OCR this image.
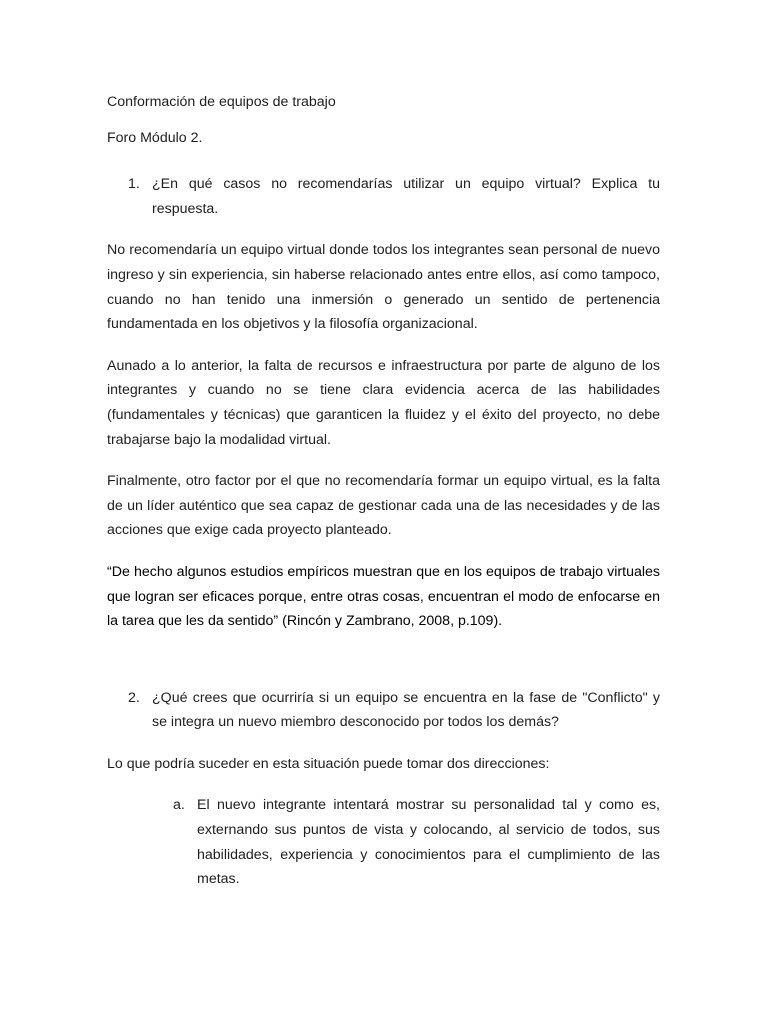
Conformación de equipos de trabajo

Foro Módulo 2.

1. ¿En qué casos no recomendarías utilizar un equipo virtual? Explica tu respuesta.

No recomendaría un equipo virtual donde todos los integrantes sean personal de nuevo ingreso y sin experiencia, sin haberse relacionado antes entre ellos, así como tampoco, cuando no han tenido una inmersión o generado un sentido de pertenencia fundamentada en los objetivos y la filosofía organizacional.

Aunado a lo anterior, la falta de recursos e infraestructura por parte de alguno de los integrantes y cuando no se tiene clara evidencia acerca de las habilidades (fundamentales y técnicas) que garanticen la fluidez y el éxito del proyecto, no debe trabajarse bajo la modalidad virtual.

Finalmente, otro factor por el que no recomendaría formar un equipo virtual, es la falta de un líder auténtico que sea capaz de gestionar cada una de las necesidades y de las acciones que exige cada proyecto planteado.

“De hecho algunos estudios empíricos muestran que en los equipos de trabajo virtuales que logran ser eficaces porque, entre otras cosas, encuentran el modo de enfocarse en la tarea que les da sentido” (Rincón y Zambrano, 2008, p.109).

2. ¿Qué crees que ocurriría si un equipo se encuentra en la fase de "Conflicto" y se integra un nuevo miembro desconocido por todos los demás?

Lo que podría suceder en esta situación puede tomar dos direcciones:

a. El nuevo integrante intentará mostrar su personalidad tal y como es, externando sus puntos de vista y colocando, al servicio de todos, sus habilidades, experiencia y conocimientos para el cumplimiento de las metas.
